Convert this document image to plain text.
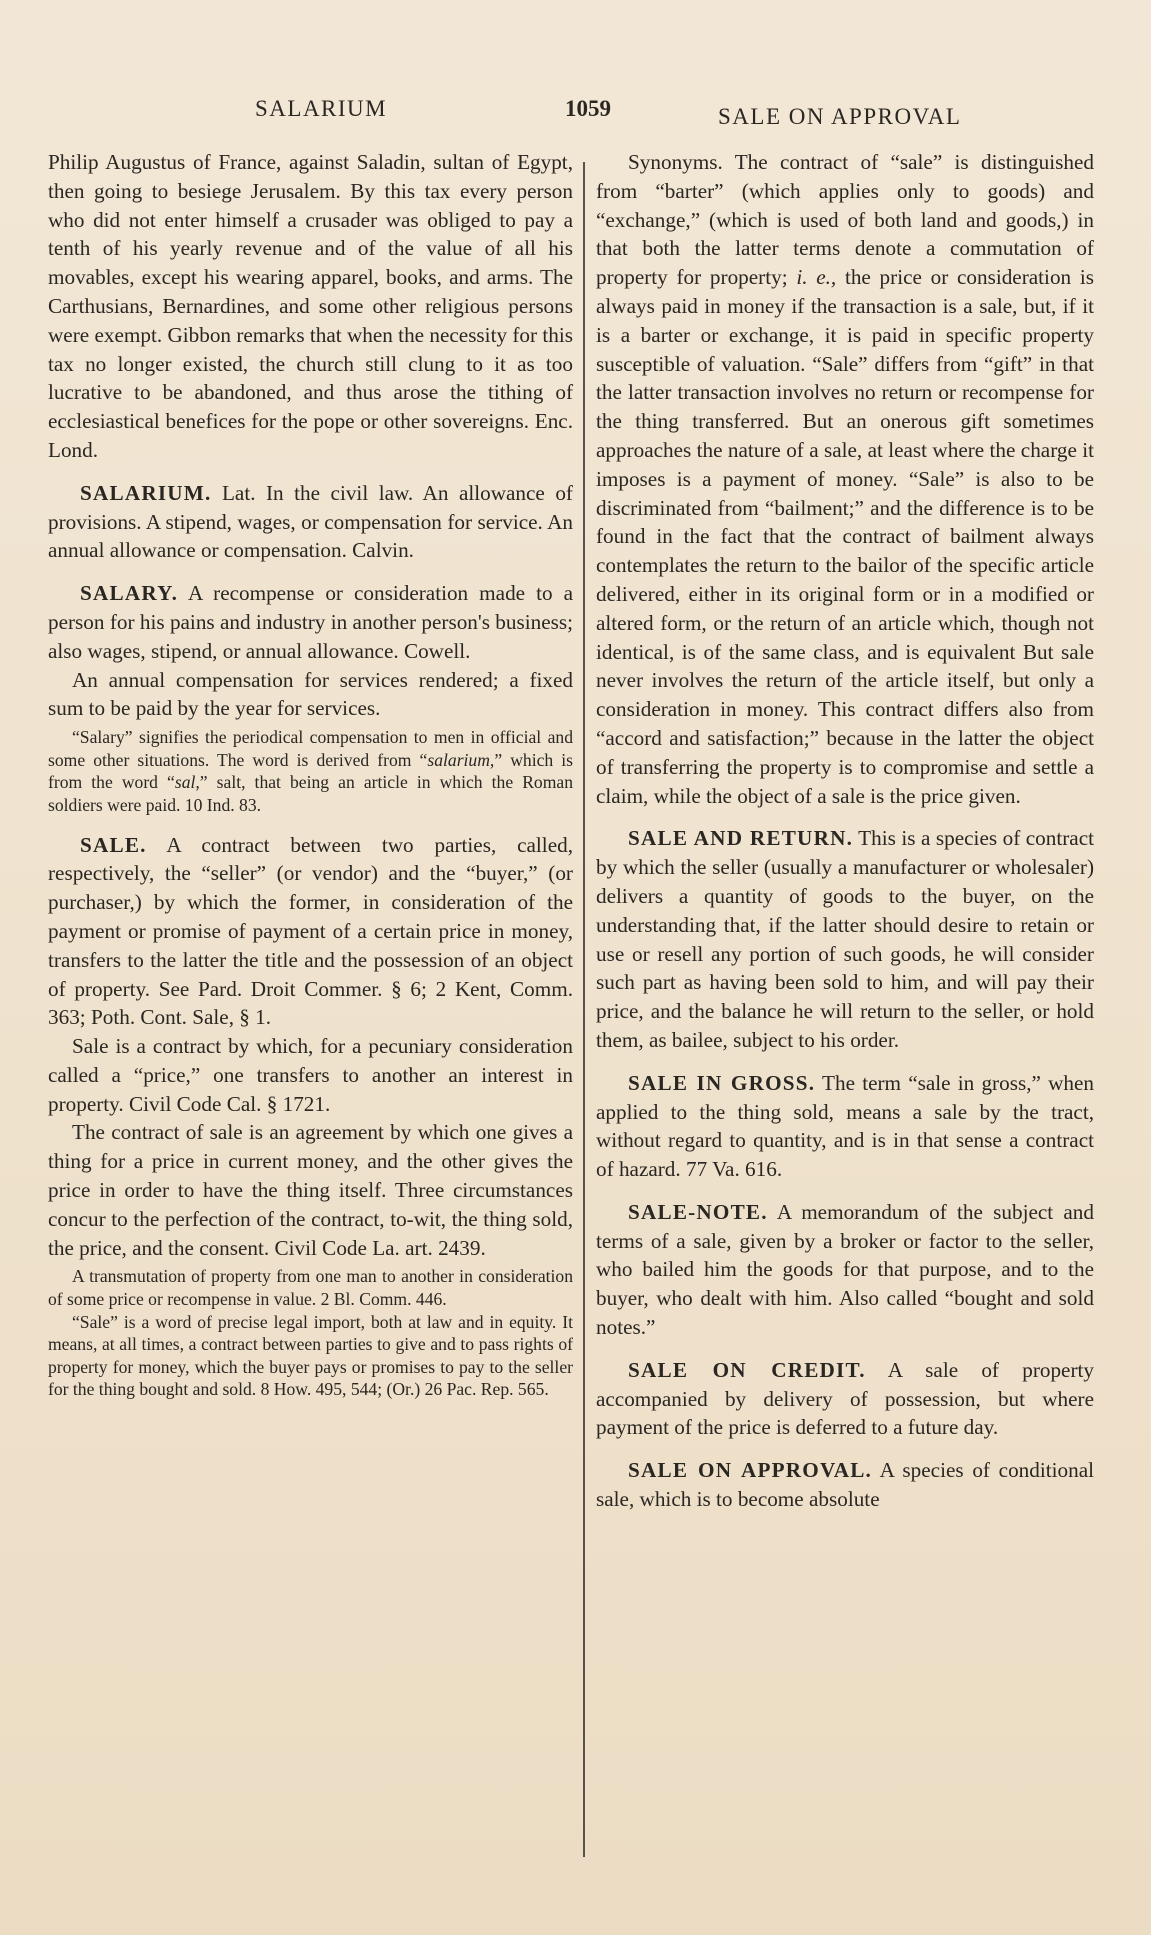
SALARIUM	1059	SALE ON APPROVAL

Philip Augustus of France, against Saladin, sultan of Egypt, then going to besiege Jerusalem. By this tax every person who did not enter himself a crusader was obliged to pay a tenth of his yearly revenue and of the value of all his movables, except his wearing apparel, books, and arms. The Carthusians, Bernardines, and some other religious persons were exempt. Gibbon remarks that when the necessity for this tax no longer existed, the church still clung to it as too lucrative to be abandoned, and thus arose the tithing of ecclesiastical benefices for the pope or other sovereigns. Enc. Lond.

SALARIUM. Lat. In the civil law. An allowance of provisions. A stipend, wages, or compensation for service. An annual allowance or compensation. Calvin.

SALARY. A recompense or consideration made to a person for his pains and industry in another person's business; also wages, stipend, or annual allowance. Cowell.

An annual compensation for services rendered; a fixed sum to be paid by the year for services.

“Salary” signifies the periodical compensation to men in official and some other situations. The word is derived from “salarium,” which is from the word “sal,” salt, that being an article in which the Roman soldiers were paid. 10 Ind. 83.

SALE. A contract between two parties, called, respectively, the “seller” (or vendor) and the “buyer,” (or purchaser,) by which the former, in consideration of the payment or promise of payment of a certain price in money, transfers to the latter the title and the possession of an object of property. See Pard. Droit Commer. § 6; 2 Kent, Comm. 363; Poth. Cont. Sale, § 1.

Sale is a contract by which, for a pecuniary consideration called a “price,” one transfers to another an interest in property. Civil Code Cal. § 1721.

The contract of sale is an agreement by which one gives a thing for a price in current money, and the other gives the price in order to have the thing itself. Three circumstances concur to the perfection of the contract, to-wit, the thing sold, the price, and the consent. Civil Code La. art. 2439.

A transmutation of property from one man to another in consideration of some price or recompense in value. 2 Bl. Comm. 446.

“Sale” is a word of precise legal import, both at law and in equity. It means, at all times, a contract between parties to give and to pass rights of property for money, which the buyer pays or promises to pay to the seller for the thing bought and sold. 8 How. 495, 544; (Or.) 26 Pac. Rep. 565.

Synonyms. The contract of “sale” is distinguished from “barter” (which applies only to goods) and “exchange,” (which is used of both land and goods,) in that both the latter terms denote a commutation of property for property; i. e., the price or consideration is always paid in money if the transaction is a sale, but, if it is a barter or exchange, it is paid in specific property susceptible of valuation. “Sale” differs from “gift” in that the latter transaction involves no return or recompense for the thing transferred. But an onerous gift sometimes approaches the nature of a sale, at least where the charge it imposes is a payment of money. “Sale” is also to be discriminated from “bailment;” and the difference is to be found in the fact that the contract of bailment always contemplates the return to the bailor of the specific article delivered, either in its original form or in a modified or altered form, or the return of an article which, though not identical, is of the same class, and is equivalent But sale never involves the return of the article itself, but only a consideration in money. This contract differs also from “accord and satisfaction;” because in the latter the object of transferring the property is to compromise and settle a claim, while the object of a sale is the price given.

SALE AND RETURN. This is a species of contract by which the seller (usually a manufacturer or wholesaler) delivers a quantity of goods to the buyer, on the understanding that, if the latter should desire to retain or use or resell any portion of such goods, he will consider such part as having been sold to him, and will pay their price, and the balance he will return to the seller, or hold them, as bailee, subject to his order.

SALE IN GROSS. The term “sale in gross,” when applied to the thing sold, means a sale by the tract, without regard to quantity, and is in that sense a contract of hazard. 77 Va. 616.

SALE-NOTE. A memorandum of the subject and terms of a sale, given by a broker or factor to the seller, who bailed him the goods for that purpose, and to the buyer, who dealt with him. Also called “bought and sold notes.”

SALE ON CREDIT. A sale of property accompanied by delivery of possession, but where payment of the price is deferred to a future day.

SALE ON APPROVAL. A species of conditional sale, which is to become absolute
